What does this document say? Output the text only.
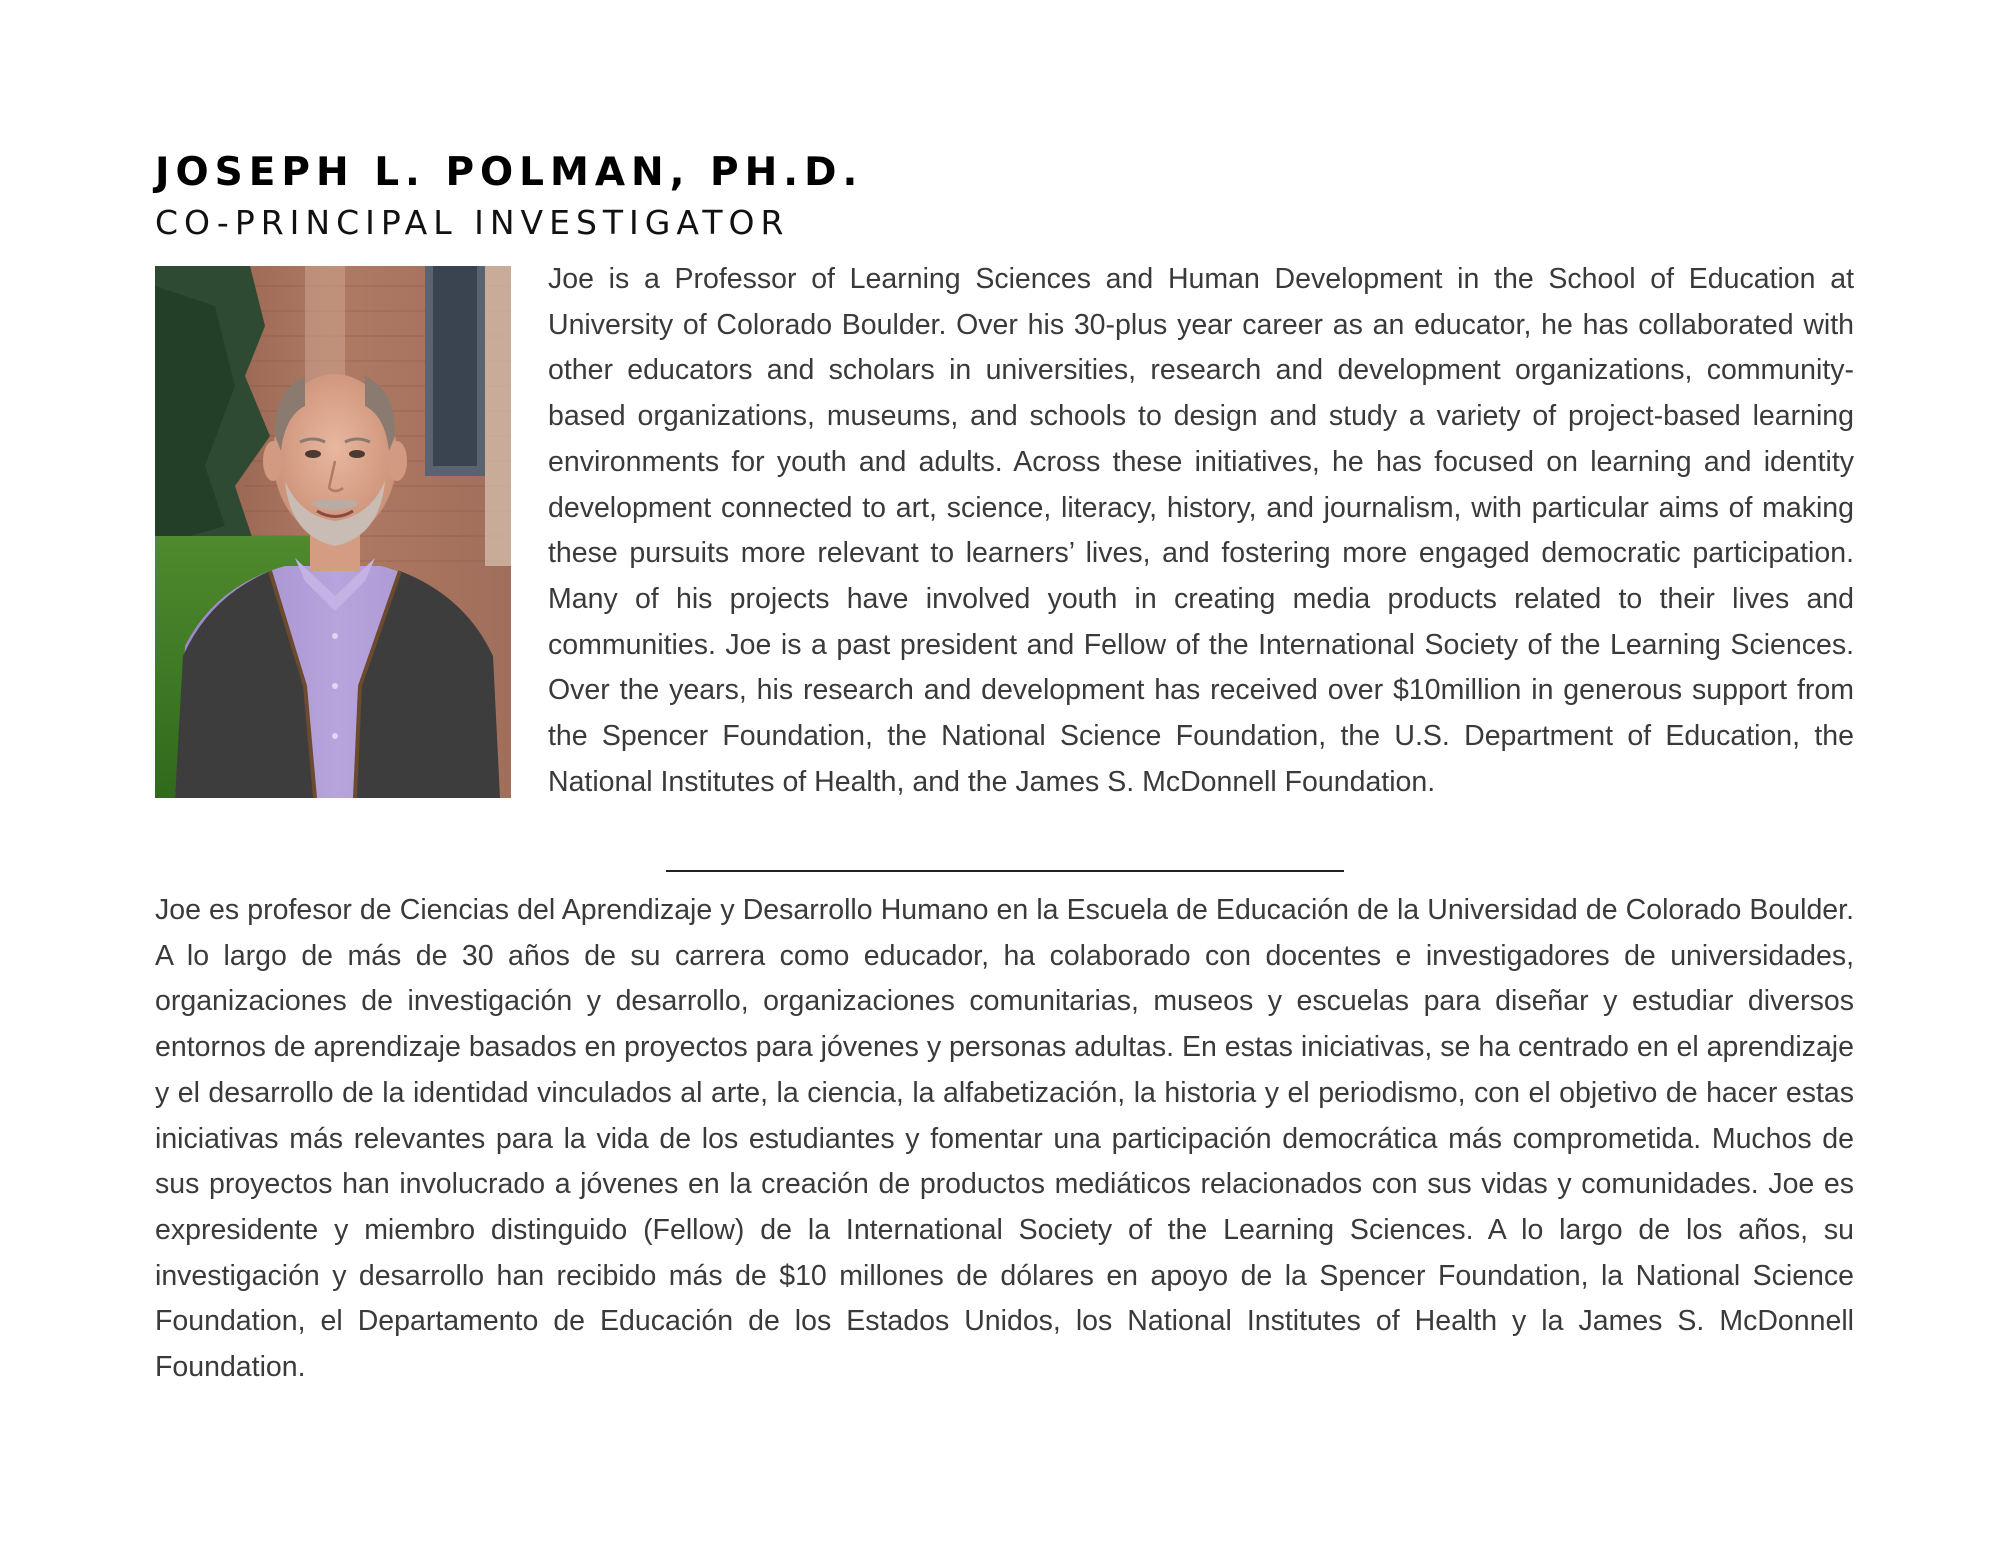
JOSEPH L. POLMAN, PH.D.
CO-PRINCIPAL INVESTIGATOR

Joe is a Professor of Learning Sciences and Human Development in the School of Education at University of Colorado Boulder. Over his 30-plus year career as an educator, he has collaborated with other educators and scholars in universities, research and development organizations, community-based organizations, museums, and schools to design and study a variety of project-based learning environments for youth and adults. Across these initiatives, he has focused on learning and identity development connected to art, science, literacy, history, and journalism, with particular aims of making these pursuits more relevant to learners’ lives, and fostering more engaged democratic participation. Many of his projects have involved youth in creating media products related to their lives and communities. Joe is a past president and Fellow of the International Society of the Learning Sciences. Over the years, his research and development has received over $10million in generous support from the Spencer Foundation, the National Science Foundation, the U.S. Department of Education, the National Institutes of Health, and the James S. McDonnell Foundation.

Joe es profesor de Ciencias del Aprendizaje y Desarrollo Humano en la Escuela de Educación de la Universidad de Colorado Boulder. A lo largo de más de 30 años de su carrera como educador, ha colaborado con docentes e investigadores de universidades, organizaciones de investigación y desarrollo, organizaciones comunitarias, museos y escuelas para diseñar y estudiar diversos entornos de aprendizaje basados en proyectos para jóvenes y personas adultas. En estas iniciativas, se ha centrado en el aprendizaje y el desarrollo de la identidad vinculados al arte, la ciencia, la alfabetización, la historia y el periodismo, con el objetivo de hacer estas iniciativas más relevantes para la vida de los estudiantes y fomentar una participación democrática más comprometida. Muchos de sus proyectos han involucrado a jóvenes en la creación de productos mediáticos relacionados con sus vidas y comunidades. Joe es expresidente y miembro distinguido (Fellow) de la International Society of the Learning Sciences. A lo largo de los años, su investigación y desarrollo han recibido más de $10 millones de dólares en apoyo de la Spencer Foundation, la National Science Foundation, el Departamento de Educación de los Estados Unidos, los National Institutes of Health y la James S. McDonnell Foundation.
